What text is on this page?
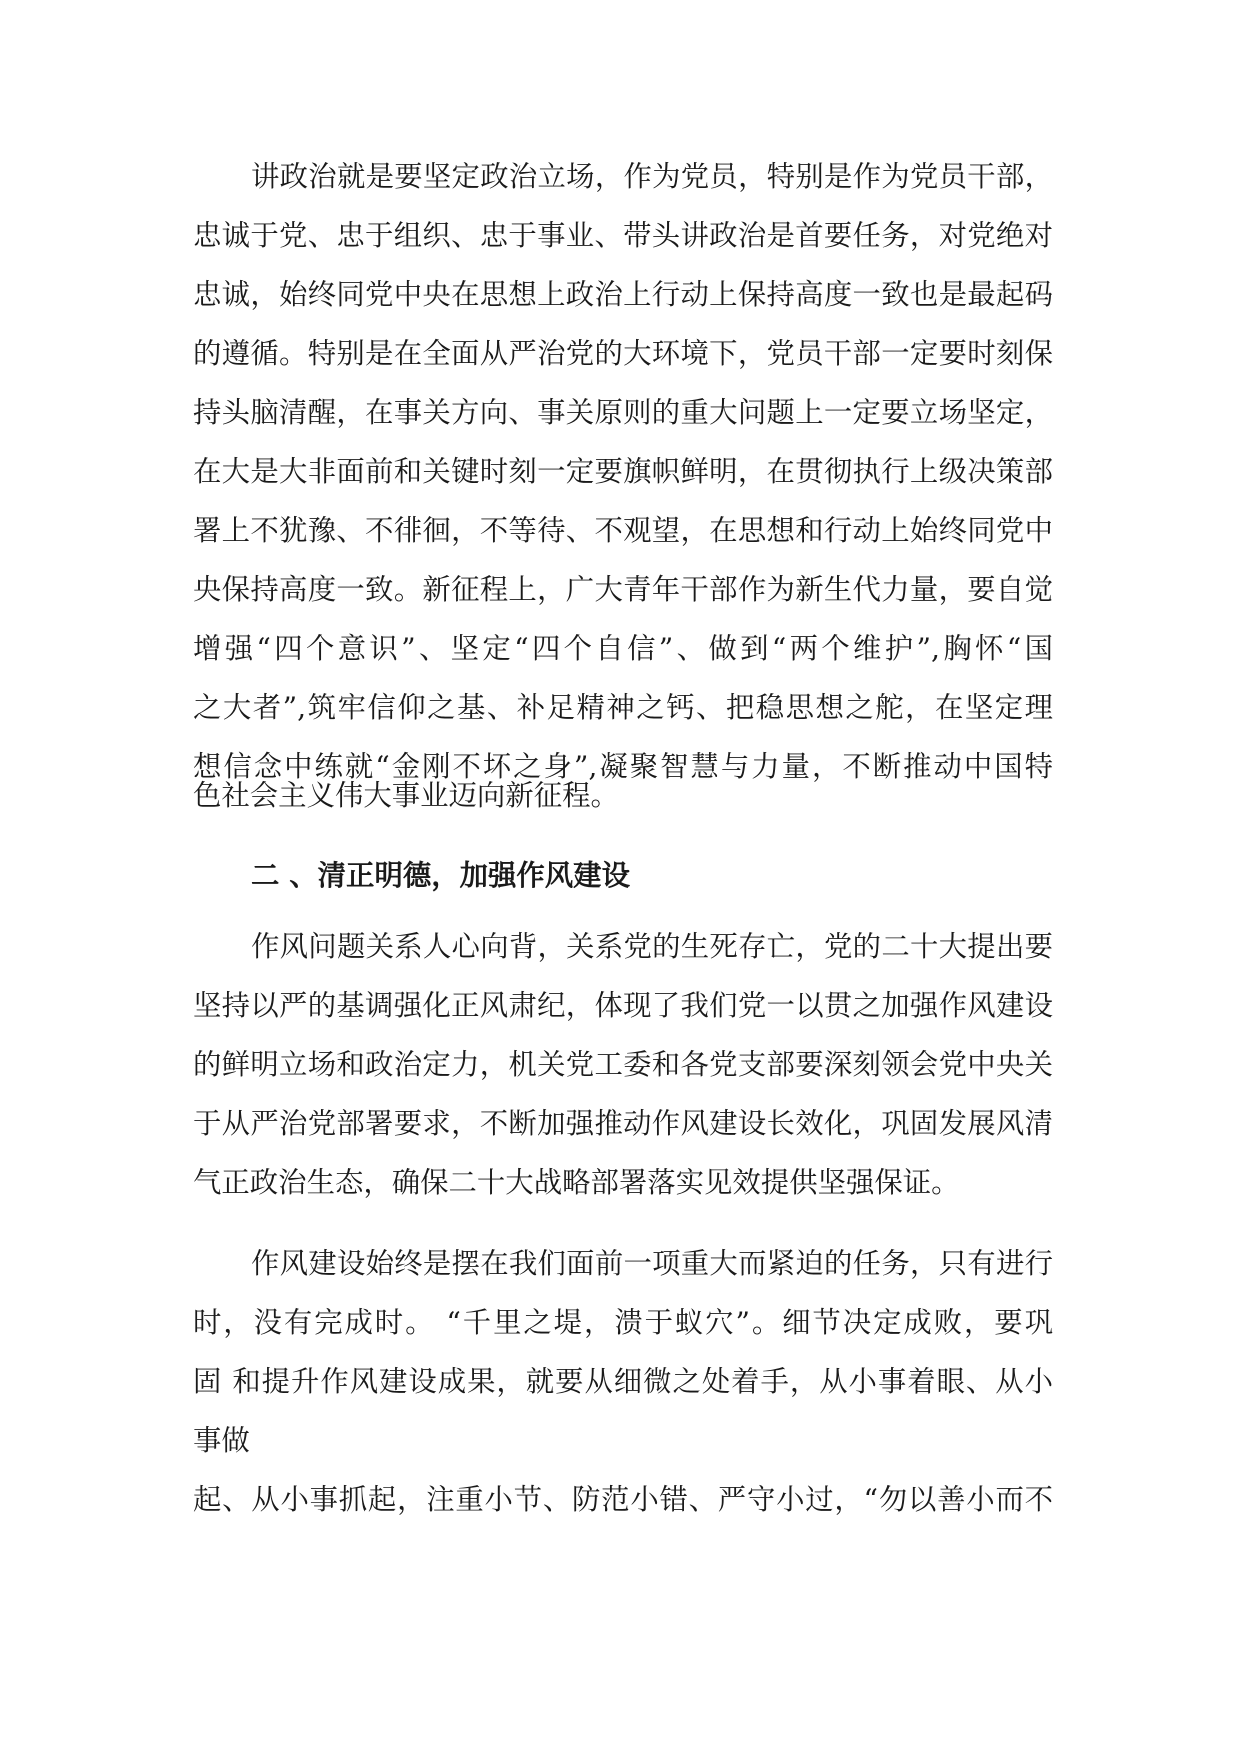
讲政治就是要坚定政治立场，作为党员，特别是作为党员干部，

忠诚于党、忠于组织、忠于事业、带头讲政治是首要任务，对党绝对

忠诚，始终同党中央在思想上政治上行动上保持高度一致也是最起码

的遵循。特别是在全面从严治党的大环境下，党员干部一定要时刻保

持头脑清醒，在事关方向、事关原则的重大问题上一定要立场坚定，

在大是大非面前和关键时刻一定要旗帜鲜明，在贯彻执行上级决策部

署上不犹豫、不徘徊，不等待、不观望，在思想和行动上始终同党中

央保持高度一致。新征程上，广大青年干部作为新生代力量，要自觉

增强“四个意识”、坚定“四个自信”、做到“两个维护”,胸怀“国

之大者”,筑牢信仰之基、补足精神之钙、把稳思想之舵，在坚定理

想信念中练就“金刚不坏之身”,凝聚智慧与力量，不断推动中国特

色社会主义伟大事业迈向新征程。

二 、清正明德，加强作风建设

作风问题关系人心向背，关系党的生死存亡，党的二十大提出要

坚持以严的基调强化正风肃纪，体现了我们党一以贯之加强作风建设

的鲜明立场和政治定力，机关党工委和各党支部要深刻领会党中央关

于从严治党部署要求，不断加强推动作风建设长效化，巩固发展风清

气正政治生态，确保二十大战略部署落实见效提供坚强保证。

作风建设始终是摆在我们面前一项重大而紧迫的任务，只有进行

时，没有完成时。 “千里之堤，溃于蚁穴”。细节决定成败，要巩

固 和提升作风建设成果，就要从细微之处着手，从小事着眼、从小

事做

起、从小事抓起，注重小节、防范小错、严守小过，“勿以善小而不
